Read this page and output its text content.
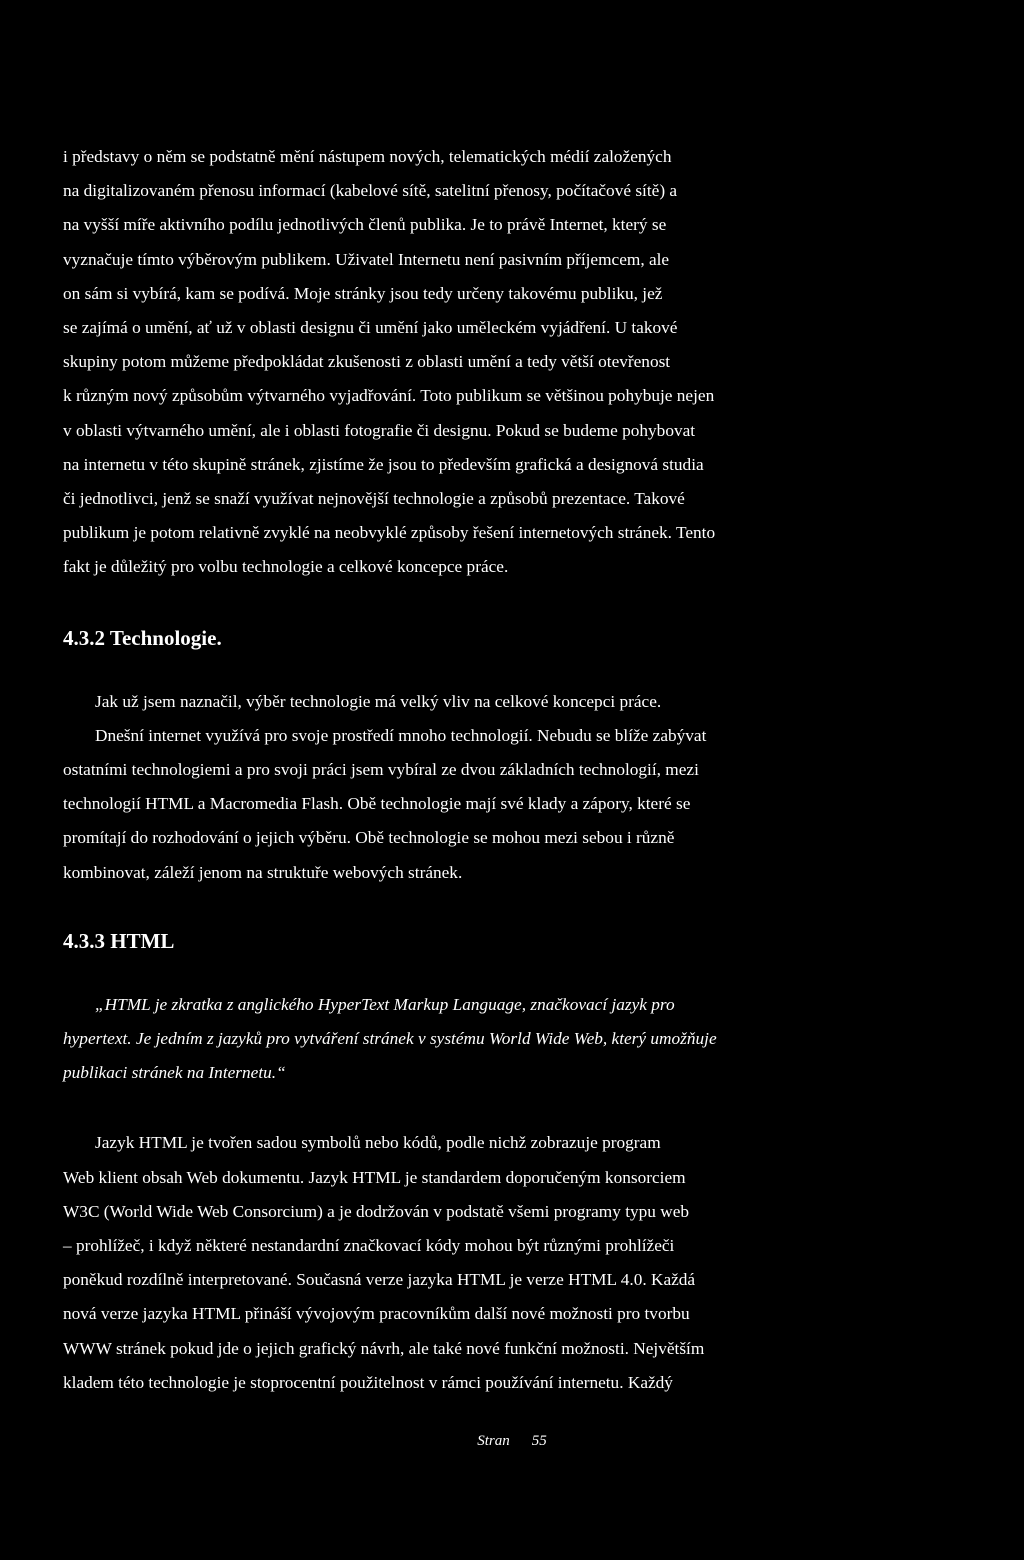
i představy o něm se podstatně mění nástupem nových, telematických médií založených

na digitalizovaném přenosu informací (kabelové sítě, satelitní přenosy, počítačové sítě) a

na vyšší míře aktivního podílu jednotlivých členů publika. Je to právě Internet, který se

vyznačuje tímto výběrovým publikem. Uživatel Internetu není pasivním příjemcem, ale

on sám si vybírá, kam se podívá. Moje stránky jsou tedy určeny takovému publiku, jež

se zajímá o umění, ať už v oblasti designu či umění jako uměleckém vyjádření. U takové

skupiny potom můžeme předpokládat zkušenosti z oblasti umění a tedy větší otevřenost

k různým nový způsobům výtvarného vyjadřování. Toto publikum se většinou pohybuje nejen

v oblasti výtvarného umění, ale i oblasti fotografie či designu. Pokud se budeme pohybovat

na internetu v této skupině stránek, zjistíme že jsou to především grafická a designová studia

či jednotlivci, jenž se snaží využívat nejnovější technologie a způsobů prezentace. Takové

publikum je potom relativně zvyklé na neobvyklé způsoby řešení internetových stránek. Tento

fakt je důležitý pro volbu technologie a celkové koncepce práce.

4.3.2 Technologie.

Jak už jsem naznačil, výběr technologie má velký vliv na celkové koncepci práce.

Dnešní internet využívá pro svoje prostředí mnoho technologií. Nebudu se blíže zabývat

ostatními technologiemi a pro svoji práci jsem vybíral ze dvou základních technologií, mezi

technologií HTML a Macromedia Flash. Obě technologie mají své klady a zápory, které se

promítají do rozhodování o jejich výběru. Obě technologie se mohou mezi sebou i různě

kombinovat, záleží jenom na struktuře webových stránek.

4.3.3 HTML

„HTML je zkratka z anglického HyperText Markup Language, značkovací jazyk pro

hypertext. Je jedním z jazyků pro vytváření stránek v systému World Wide Web, který umožňuje

publikaci stránek na Internetu.“

Jazyk HTML je tvořen sadou symbolů nebo kódů, podle nichž zobrazuje program

Web klient obsah Web dokumentu. Jazyk HTML je standardem doporučeným konsorciem

W3C (World Wide Web Consorcium) a je dodržován v podstatě všemi programy typu web

– prohlížeč, i když některé nestandardní značkovací kódy mohou být různými prohlížeči

poněkud rozdílně interpretované. Současná verze jazyka HTML je verze HTML 4.0. Každá

nová verze jazyka HTML přináší vývojovým pracovníkům další nové možnosti pro tvorbu

WWW stránek pokud jde o jejich grafický návrh, ale také nové funkční možnosti. Největším

kladem této technologie je stoprocentní použitelnost v rámci používání internetu. Každý

Stran 55
